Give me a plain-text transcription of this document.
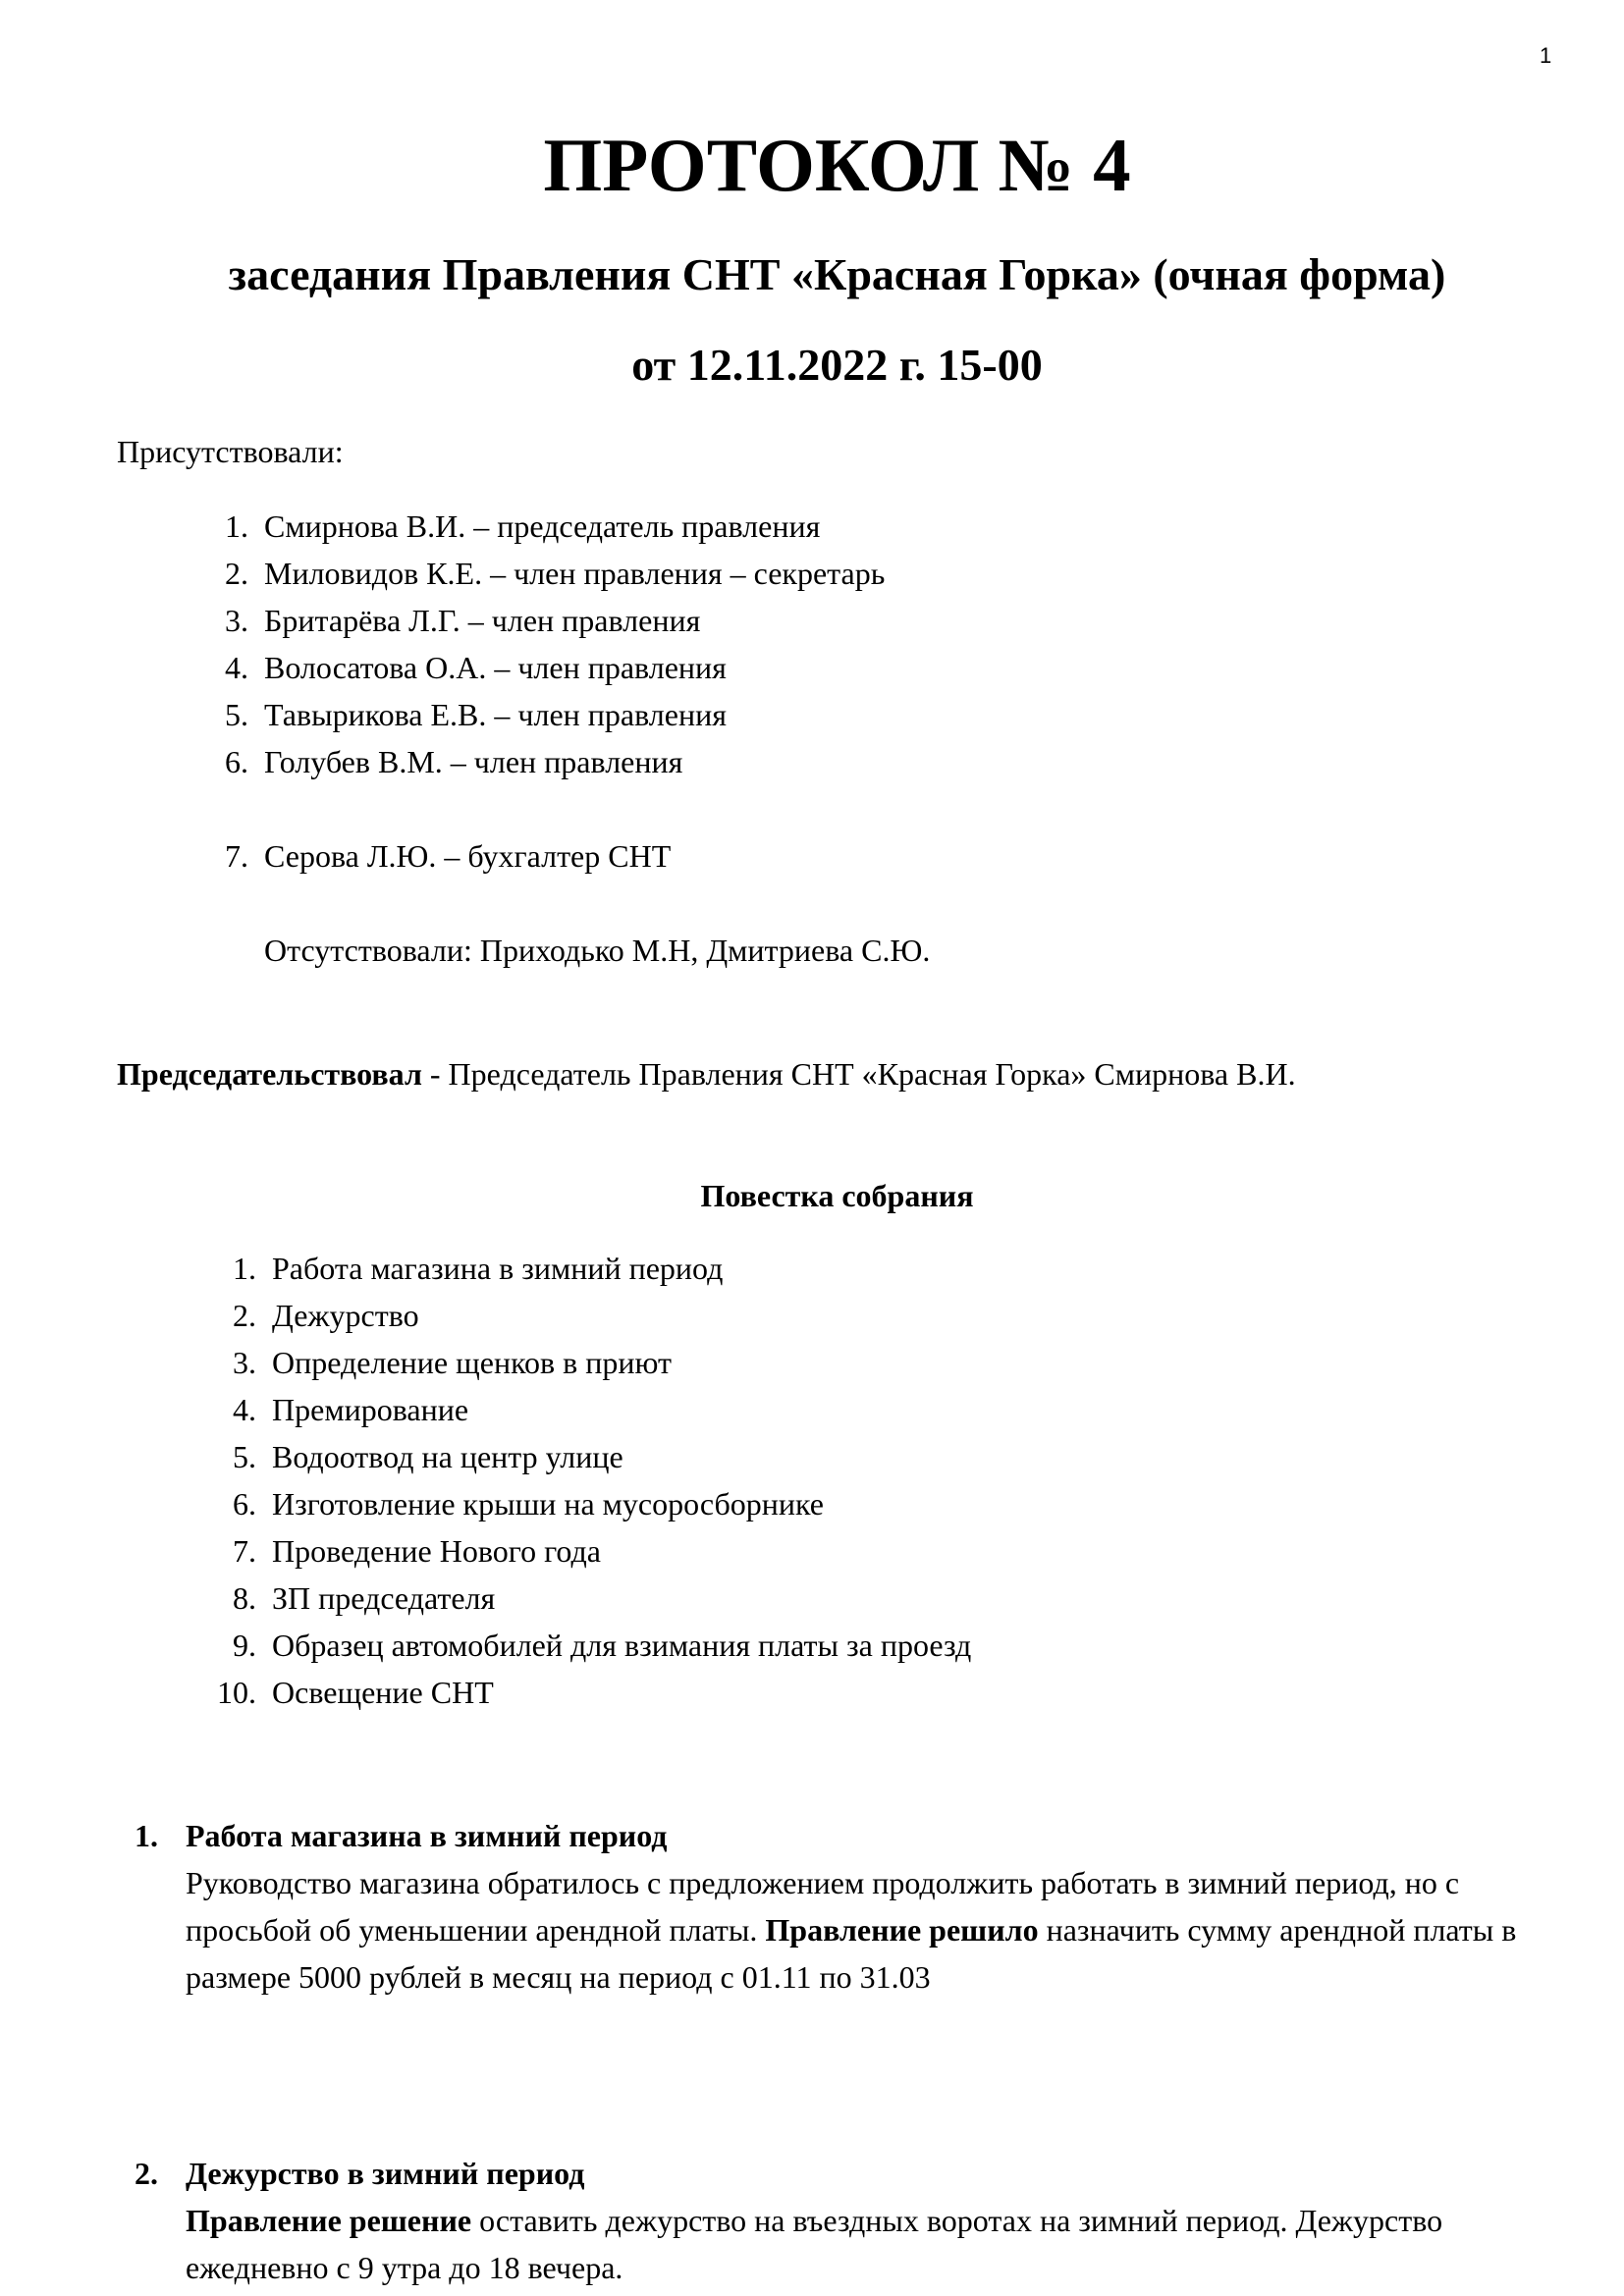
1
ПРОТОКОЛ № 4
заседания Правления СНТ «Красная Горка» (очная форма)
от 12.11.2022 г. 15-00
Присутствовали:
1. Смирнова В.И. – председатель правления
2. Миловидов К.Е. – член правления – секретарь
3. Бритарёва Л.Г. – член правления
4. Волосатова О.А. – член правления
5. Тавырикова Е.В. – член правления
6. Голубев В.М. – член правления
7. Серова Л.Ю. – бухгалтер СНТ
Отсутствовали: Приходько М.Н, Дмитриева С.Ю.
Председательствовал - Председатель Правления СНТ «Красная Горка» Смирнова В.И.
Повестка собрания
1. Работа магазина в зимний период
2. Дежурство
3. Определение щенков в приют
4. Премирование
5. Водоотвод на центр улице
6. Изготовление крыши на мусоросборнике
7. Проведение Нового года
8. ЗП председателя
9. Образец автомобилей для взимания платы за проезд
10. Освещение СНТ
1. Работа магазина в зимний период

Руководство магазина обратилось с предложением продолжить работать в зимний период, но с просьбой об уменьшении арендной платы. Правление решило назначить сумму арендной платы в размере 5000 рублей в месяц на период с 01.11 по 31.03

2. Дежурство в зимний период

Правление решение оставить дежурство на въездных воротах на зимний период. Дежурство ежедневно с 9 утра до 18 вечера.
